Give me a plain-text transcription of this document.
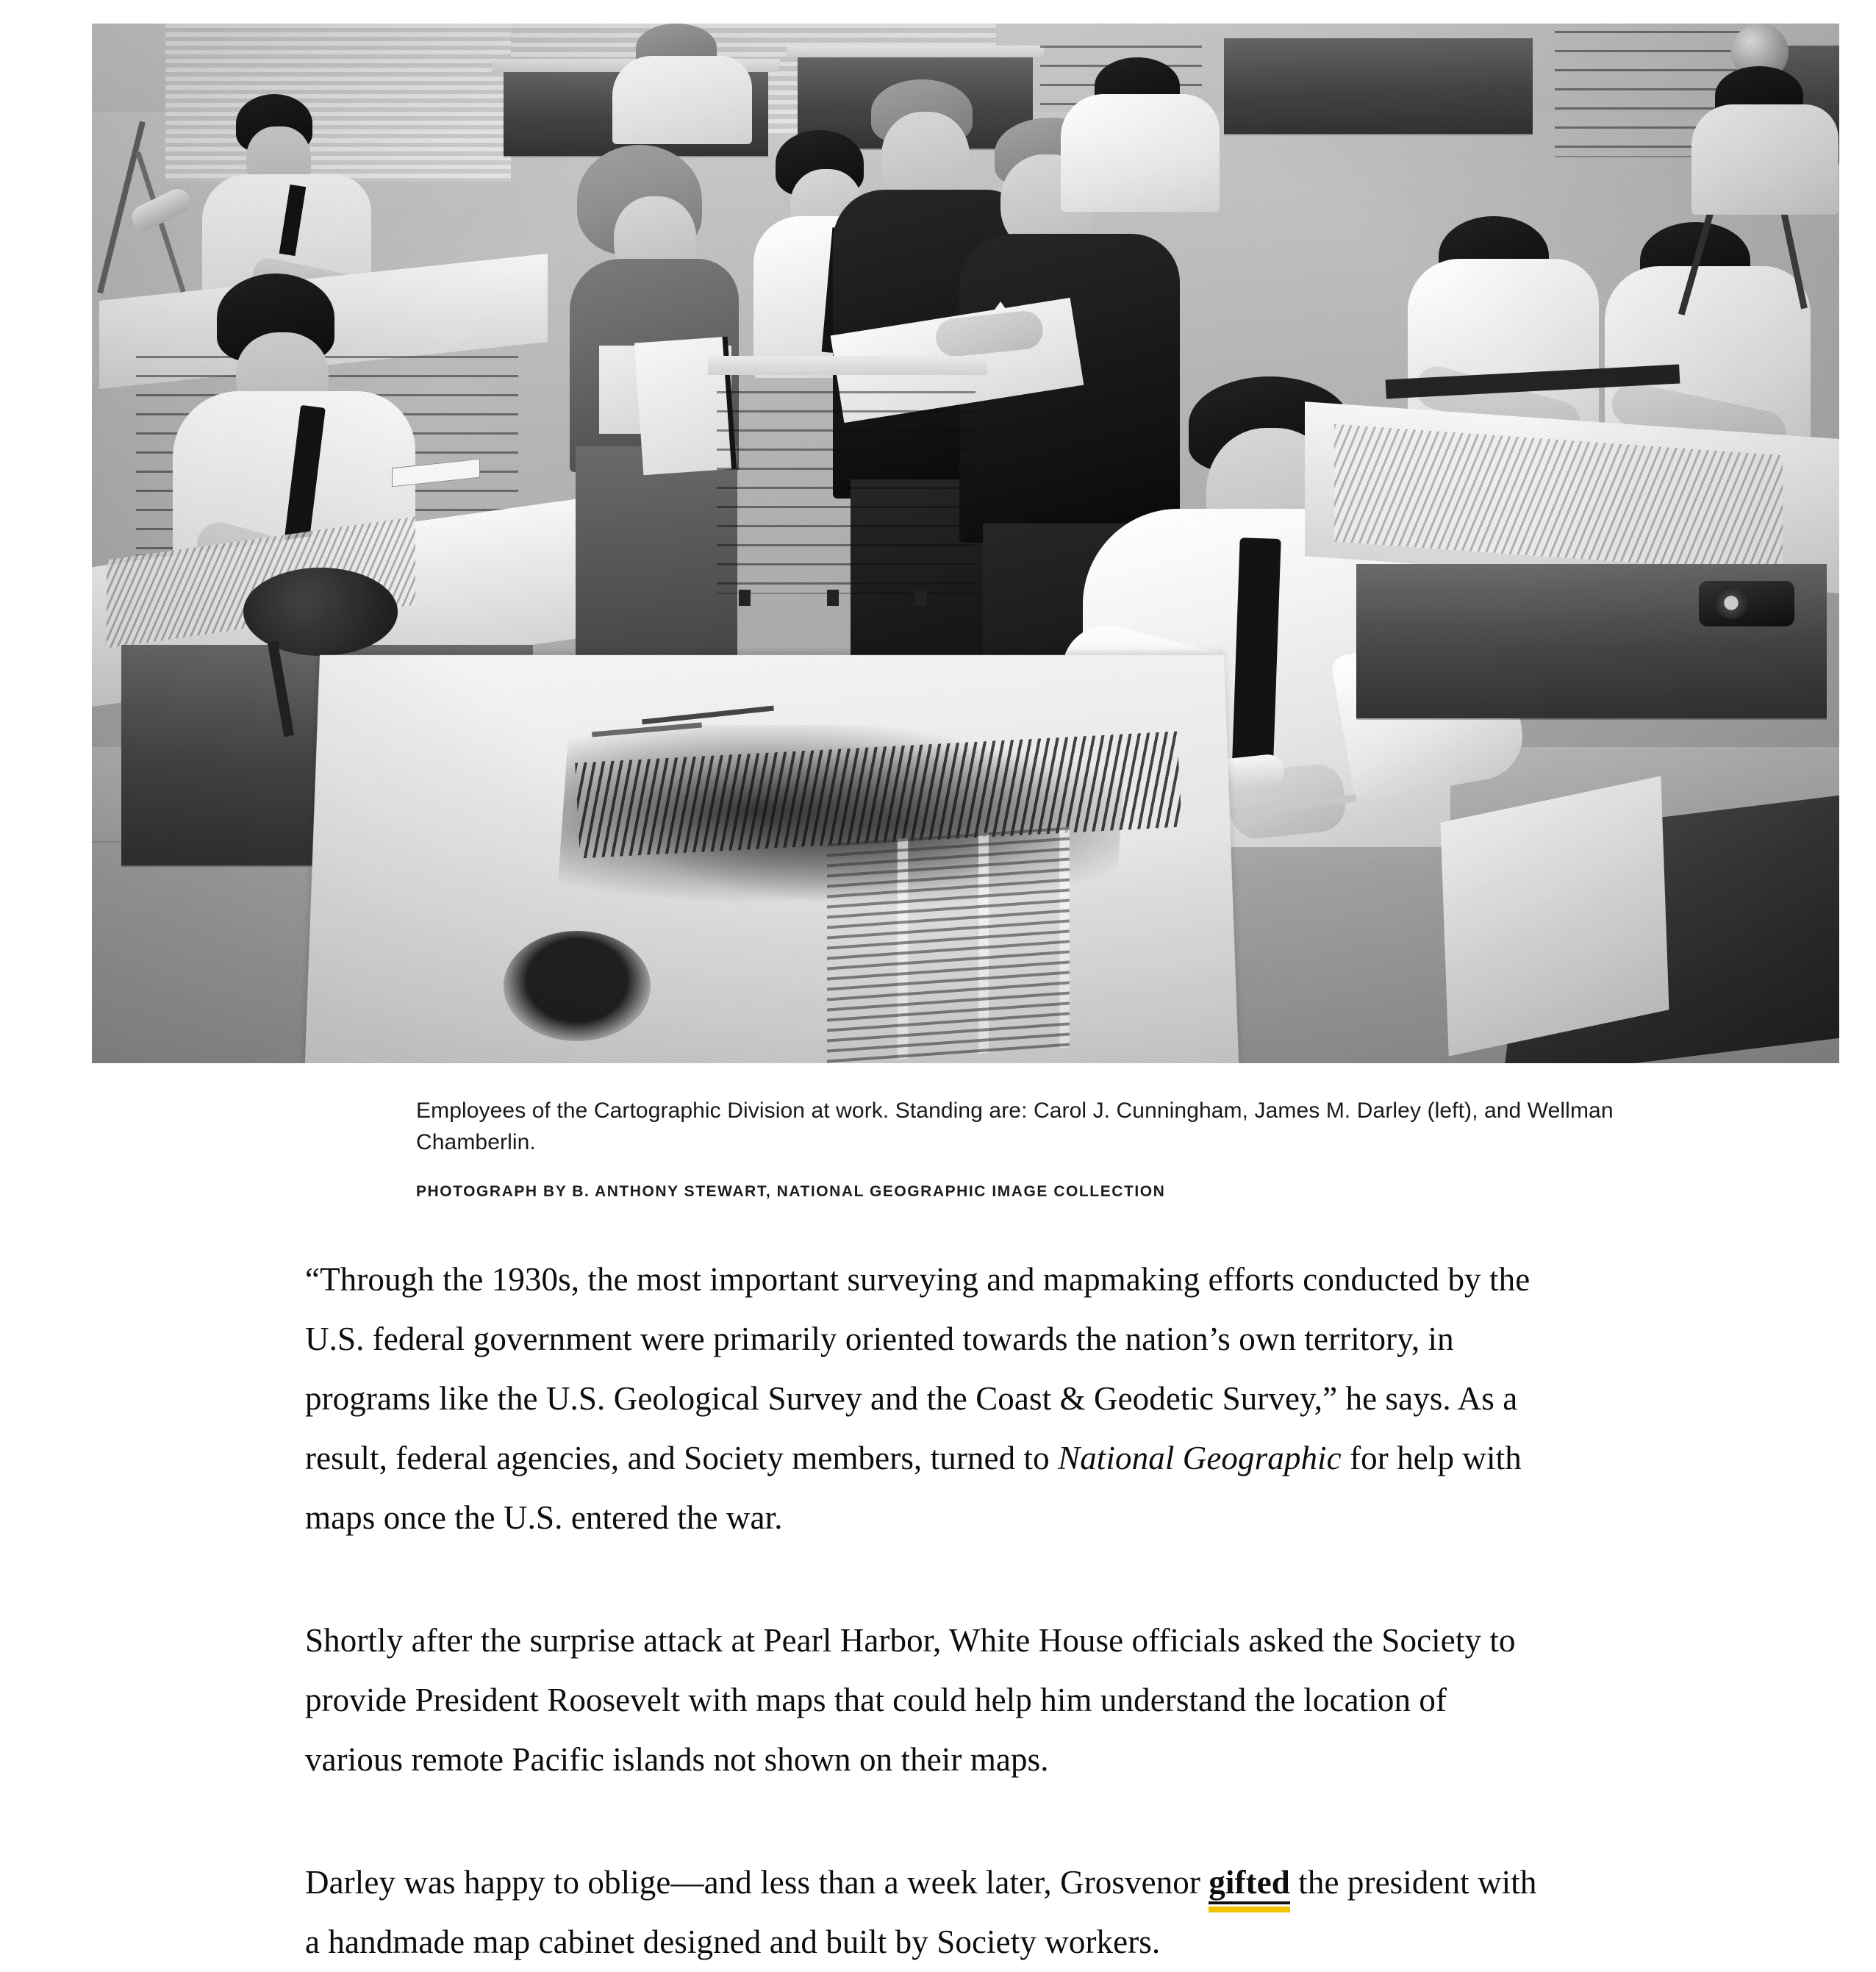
Employees of the Cartographic Division at work. Standing are: Carol J. Cunningham, James M. Darley (left), and Wellman Chamberlin.

PHOTOGRAPH BY B. ANTHONY STEWART, NATIONAL GEOGRAPHIC IMAGE COLLECTION

“Through the 1930s, the most important surveying and mapmaking efforts conducted by the U.S. federal government were primarily oriented towards the nation’s own territory, in programs like the U.S. Geological Survey and the Coast & Geodetic Survey,” he says. As a result, federal agencies, and Society members, turned to National Geographic for help with maps once the U.S. entered the war.

Shortly after the surprise attack at Pearl Harbor, White House officials asked the Society to provide President Roosevelt with maps that could help him understand the location of various remote Pacific islands not shown on their maps.

Darley was happy to oblige—and less than a week later, Grosvenor gifted the president with a handmade map cabinet designed and built by Society workers.
